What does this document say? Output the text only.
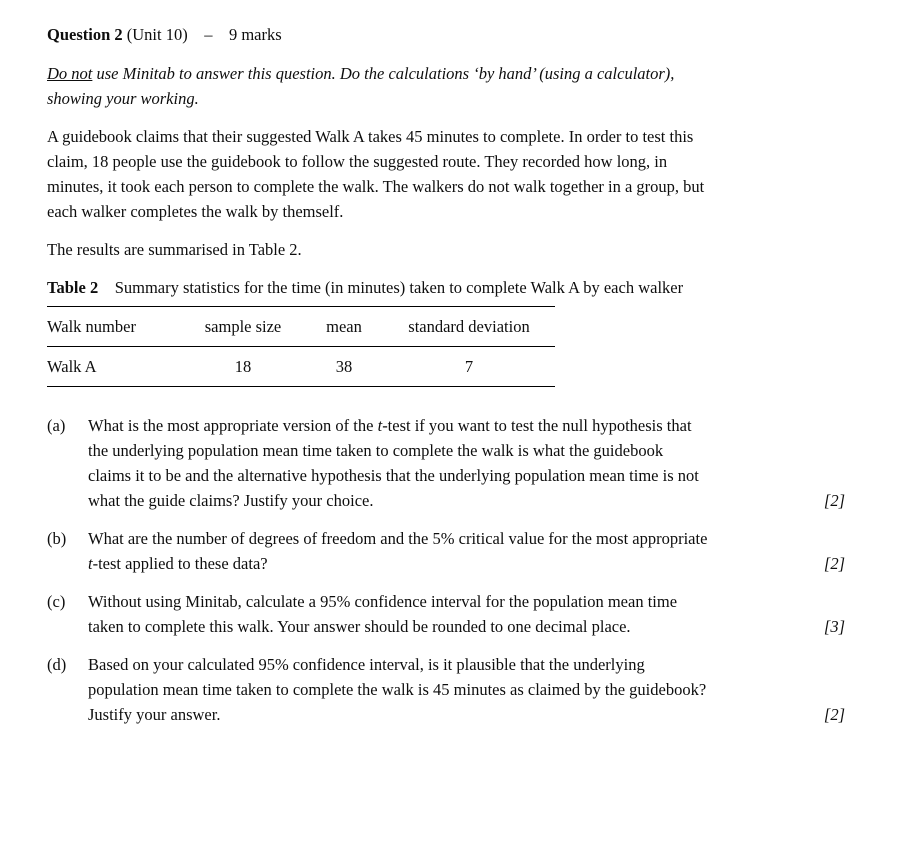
Question 2 (Unit 10)  –  9 marks

Do not use Minitab to answer this question. Do the calculations ‘by hand’ (using a calculator), showing your working.

A guidebook claims that their suggested Walk A takes 45 minutes to complete. In order to test this claim, 18 people use the guidebook to follow the suggested route. They recorded how long, in minutes, it took each person to complete the walk. The walkers do not walk together in a group, but each walker completes the walk by themself.

The results are summarised in Table 2.

Table 2  Summary statistics for the time (in minutes) taken to complete Walk A by each walker

Walk number	sample size	mean	standard deviation
Walk A	18	38	7
(a)	What is the most appropriate version of the t-test if you want to test the null hypothesis that the underlying population mean time taken to complete the walk is what the guidebook claims it to be and the alternative hypothesis that the underlying population mean time is not what the guide claims? Justify your choice.	[2]
(b)	What are the number of degrees of freedom and the 5% critical value for the most appropriate t-test applied to these data?	[2]
(c)	Without using Minitab, calculate a 95% confidence interval for the population mean time taken to complete this walk. Your answer should be rounded to one decimal place.	[3]
(d)	Based on your calculated 95% confidence interval, is it plausible that the underlying population mean time taken to complete the walk is 45 minutes as claimed by the guidebook? Justify your answer.	[2]
